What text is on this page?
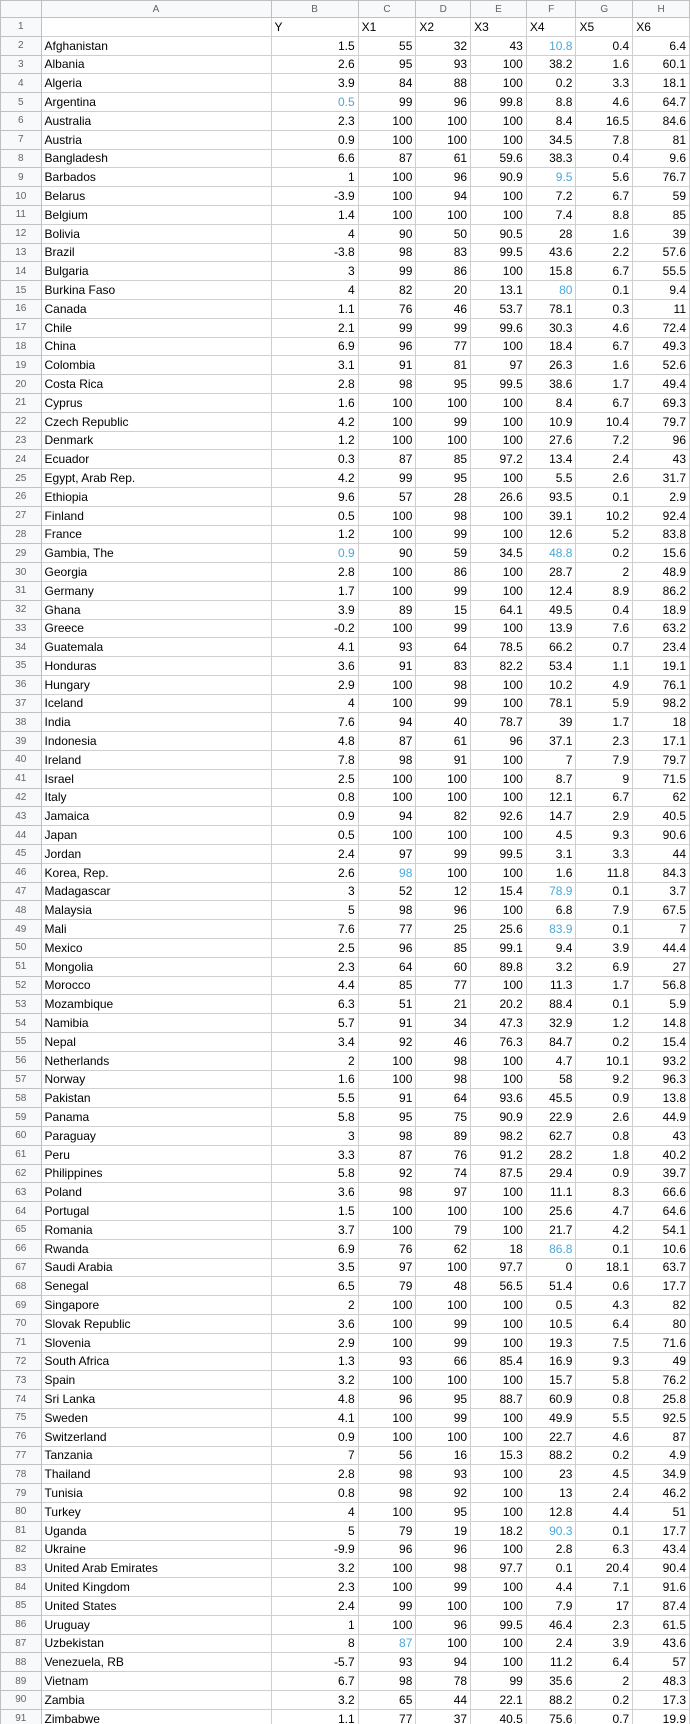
	A	B	C	D	E	F	G	H
1		Y	X1	X2	X3	X4	X5	X6
2	Afghanistan	1.5	55	32	43	10.8	0.4	6.4
3	Albania	2.6	95	93	100	38.2	1.6	60.1
4	Algeria	3.9	84	88	100	0.2	3.3	18.1
5	Argentina	0.5	99	96	99.8	8.8	4.6	64.7
6	Australia	2.3	100	100	100	8.4	16.5	84.6
7	Austria	0.9	100	100	100	34.5	7.8	81
8	Bangladesh	6.6	87	61	59.6	38.3	0.4	9.6
9	Barbados	1	100	96	90.9	9.5	5.6	76.7
10	Belarus	-3.9	100	94	100	7.2	6.7	59
11	Belgium	1.4	100	100	100	7.4	8.8	85
12	Bolivia	4	90	50	90.5	28	1.6	39
13	Brazil	-3.8	98	83	99.5	43.6	2.2	57.6
14	Bulgaria	3	99	86	100	15.8	6.7	55.5
15	Burkina Faso	4	82	20	13.1	80	0.1	9.4
16	Canada	1.1	76	46	53.7	78.1	0.3	11
17	Chile	2.1	99	99	99.6	30.3	4.6	72.4
18	China	6.9	96	77	100	18.4	6.7	49.3
19	Colombia	3.1	91	81	97	26.3	1.6	52.6
20	Costa Rica	2.8	98	95	99.5	38.6	1.7	49.4
21	Cyprus	1.6	100	100	100	8.4	6.7	69.3
22	Czech Republic	4.2	100	99	100	10.9	10.4	79.7
23	Denmark	1.2	100	100	100	27.6	7.2	96
24	Ecuador	0.3	87	85	97.2	13.4	2.4	43
25	Egypt, Arab Rep.	4.2	99	95	100	5.5	2.6	31.7
26	Ethiopia	9.6	57	28	26.6	93.5	0.1	2.9
27	Finland	0.5	100	98	100	39.1	10.2	92.4
28	France	1.2	100	99	100	12.6	5.2	83.8
29	Gambia, The	0.9	90	59	34.5	48.8	0.2	15.6
30	Georgia	2.8	100	86	100	28.7	2	48.9
31	Germany	1.7	100	99	100	12.4	8.9	86.2
32	Ghana	3.9	89	15	64.1	49.5	0.4	18.9
33	Greece	-0.2	100	99	100	13.9	7.6	63.2
34	Guatemala	4.1	93	64	78.5	66.2	0.7	23.4
35	Honduras	3.6	91	83	82.2	53.4	1.1	19.1
36	Hungary	2.9	100	98	100	10.2	4.9	76.1
37	Iceland	4	100	99	100	78.1	5.9	98.2
38	India	7.6	94	40	78.7	39	1.7	18
39	Indonesia	4.8	87	61	96	37.1	2.3	17.1
40	Ireland	7.8	98	91	100	7	7.9	79.7
41	Israel	2.5	100	100	100	8.7	9	71.5
42	Italy	0.8	100	100	100	12.1	6.7	62
43	Jamaica	0.9	94	82	92.6	14.7	2.9	40.5
44	Japan	0.5	100	100	100	4.5	9.3	90.6
45	Jordan	2.4	97	99	99.5	3.1	3.3	44
46	Korea, Rep.	2.6	98	100	100	1.6	11.8	84.3
47	Madagascar	3	52	12	15.4	78.9	0.1	3.7
48	Malaysia	5	98	96	100	6.8	7.9	67.5
49	Mali	7.6	77	25	25.6	83.9	0.1	7
50	Mexico	2.5	96	85	99.1	9.4	3.9	44.4
51	Mongolia	2.3	64	60	89.8	3.2	6.9	27
52	Morocco	4.4	85	77	100	11.3	1.7	56.8
53	Mozambique	6.3	51	21	20.2	88.4	0.1	5.9
54	Namibia	5.7	91	34	47.3	32.9	1.2	14.8
55	Nepal	3.4	92	46	76.3	84.7	0.2	15.4
56	Netherlands	2	100	98	100	4.7	10.1	93.2
57	Norway	1.6	100	98	100	58	9.2	96.3
58	Pakistan	5.5	91	64	93.6	45.5	0.9	13.8
59	Panama	5.8	95	75	90.9	22.9	2.6	44.9
60	Paraguay	3	98	89	98.2	62.7	0.8	43
61	Peru	3.3	87	76	91.2	28.2	1.8	40.2
62	Philippines	5.8	92	74	87.5	29.4	0.9	39.7
63	Poland	3.6	98	97	100	11.1	8.3	66.6
64	Portugal	1.5	100	100	100	25.6	4.7	64.6
65	Romania	3.7	100	79	100	21.7	4.2	54.1
66	Rwanda	6.9	76	62	18	86.8	0.1	10.6
67	Saudi Arabia	3.5	97	100	97.7	0	18.1	63.7
68	Senegal	6.5	79	48	56.5	51.4	0.6	17.7
69	Singapore	2	100	100	100	0.5	4.3	82
70	Slovak Republic	3.6	100	99	100	10.5	6.4	80
71	Slovenia	2.9	100	99	100	19.3	7.5	71.6
72	South Africa	1.3	93	66	85.4	16.9	9.3	49
73	Spain	3.2	100	100	100	15.7	5.8	76.2
74	Sri Lanka	4.8	96	95	88.7	60.9	0.8	25.8
75	Sweden	4.1	100	99	100	49.9	5.5	92.5
76	Switzerland	0.9	100	100	100	22.7	4.6	87
77	Tanzania	7	56	16	15.3	88.2	0.2	4.9
78	Thailand	2.8	98	93	100	23	4.5	34.9
79	Tunisia	0.8	98	92	100	13	2.4	46.2
80	Turkey	4	100	95	100	12.8	4.4	51
81	Uganda	5	79	19	18.2	90.3	0.1	17.7
82	Ukraine	-9.9	96	96	100	2.8	6.3	43.4
83	United Arab Emirates	3.2	100	98	97.7	0.1	20.4	90.4
84	United Kingdom	2.3	100	99	100	4.4	7.1	91.6
85	United States	2.4	99	100	100	7.9	17	87.4
86	Uruguay	1	100	96	99.5	46.4	2.3	61.5
87	Uzbekistan	8	87	100	100	2.4	3.9	43.6
88	Venezuela, RB	-5.7	93	94	100	11.2	6.4	57
89	Vietnam	6.7	98	78	99	35.6	2	48.3
90	Zambia	3.2	65	44	22.1	88.2	0.2	17.3
91	Zimbabwe	1.1	77	37	40.5	75.6	0.7	19.9
